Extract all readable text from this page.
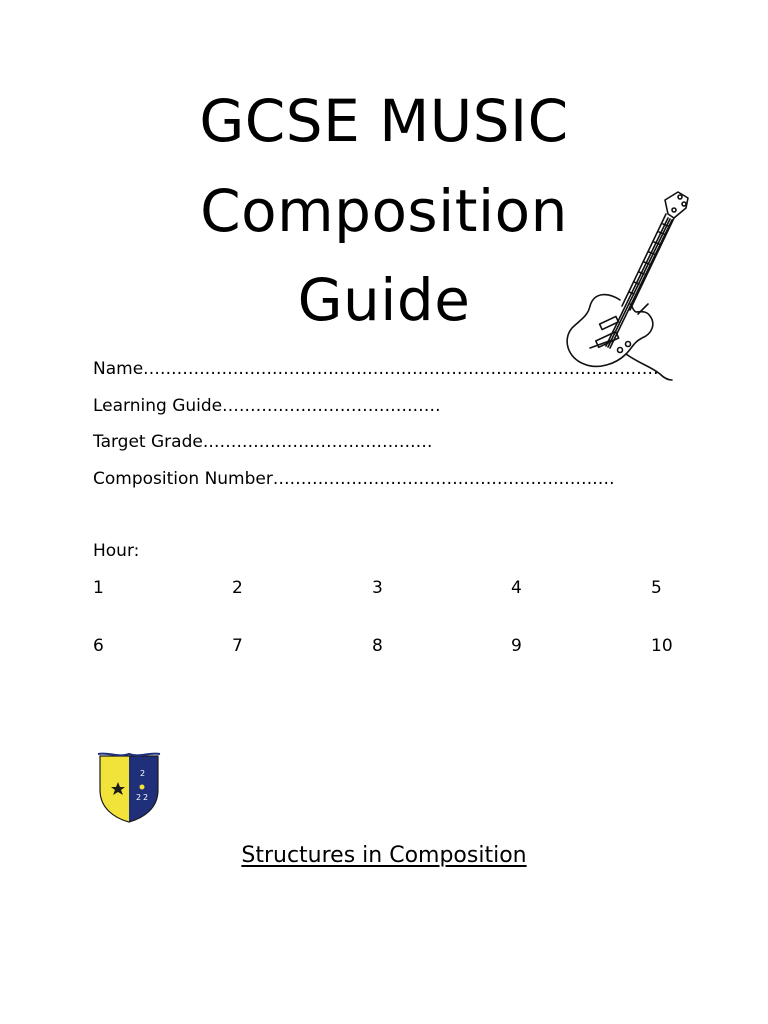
GCSE MUSIC
Composition
Guide
Name............................................................................................
Learning Guide.......................................
Target Grade.........................................
Composition Number.............................................................
Hour:
1	2	3	4	5
6	7	8	9	10
2
2 2
Structures in Composition
